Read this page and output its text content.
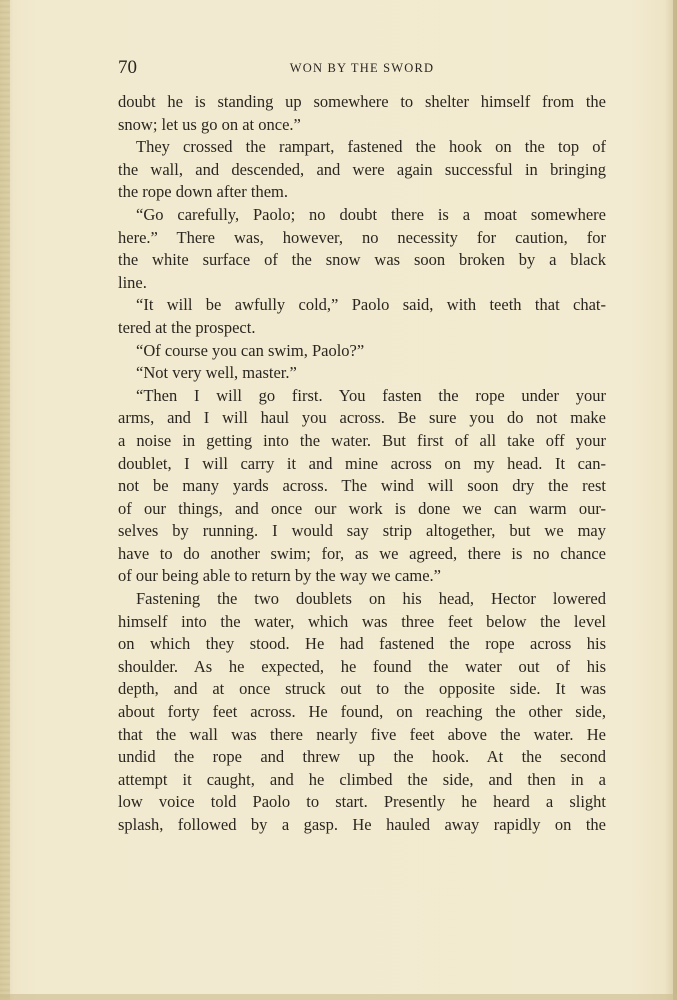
70	WON BY THE SWORD
doubt he is standing up somewhere to shelter himself from the
snow; let us go on at once.”
They crossed the rampart, fastened the hook on the top of
the wall, and descended, and were again successful in bringing
the rope down after them.
“Go carefully, Paolo; no doubt there is a moat somewhere
here.” There was, however, no necessity for caution, for
the white surface of the snow was soon broken by a black
line.
“It will be awfully cold,” Paolo said, with teeth that chat-
tered at the prospect.
“Of course you can swim, Paolo?”
“Not very well, master.”
“Then I will go first. You fasten the rope under your
arms, and I will haul you across. Be sure you do not make
a noise in getting into the water. But first of all take off your
doublet, I will carry it and mine across on my head. It can-
not be many yards across. The wind will soon dry the rest
of our things, and once our work is done we can warm our-
selves by running. I would say strip altogether, but we may
have to do another swim; for, as we agreed, there is no chance
of our being able to return by the way we came.”
Fastening the two doublets on his head, Hector lowered
himself into the water, which was three feet below the level
on which they stood. He had fastened the rope across his
shoulder. As he expected, he found the water out of his
depth, and at once struck out to the opposite side. It was
about forty feet across. He found, on reaching the other side,
that the wall was there nearly five feet above the water. He
undid the rope and threw up the hook. At the second
attempt it caught, and he climbed the side, and then in a
low voice told Paolo to start. Presently he heard a slight
splash, followed by a gasp. He hauled away rapidly on the
